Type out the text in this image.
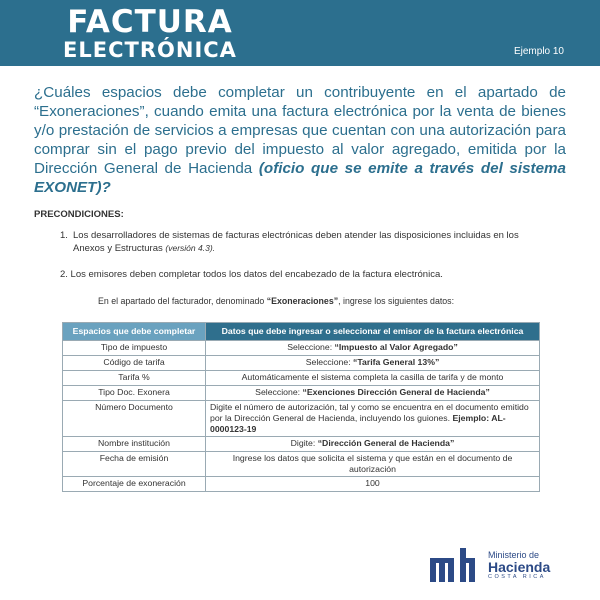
FACTURA
ELECTRÓNICA	Ejemplo 10
¿Cuáles espacios debe completar un contribuyente en el apartado de “Exoneraciones”, cuando emita una factura electrónica por la venta de bienes y/o prestación de servicios a empresas que cuentan con una autorización para comprar sin el pago previo del impuesto al valor agregado, emitida por la Dirección General de Hacienda (oficio que se emite a través del sistema EXONET)?
PRECONDICIONES:
1. Los desarrolladores de sistemas de facturas electrónicas deben atender las disposiciones incluidas en los Anexos y Estructuras (versión 4.3).
2. Los emisores deben completar todos los datos del encabezado de la factura electrónica.
En el apartado del facturador, denominado “Exoneraciones”, ingrese los siguientes datos:
Espacios que debe completar	Datos que debe ingresar o seleccionar el emisor de la factura electrónica
Tipo de impuesto	Seleccione: “Impuesto al Valor Agregado”
Código de tarifa	Seleccione: “Tarifa General 13%”
Tarifa %	Automáticamente el sistema completa la casilla de tarifa y de monto
Tipo Doc. Exonera	Seleccione: “Exenciones Dirección General de Hacienda”
Número Documento	Digite el número de autorización, tal y como se encuentra en el documento emitido por la Dirección General de Hacienda, incluyendo los guiones. Ejemplo: AL-0000123-19
Nombre institución	Digite: “Dirección General de Hacienda”
Fecha de emisión	Ingrese los datos que solicita el sistema y que están en el documento de autorización
Porcentaje de exoneración	100
Ministerio de
Hacienda
COSTA RICA
